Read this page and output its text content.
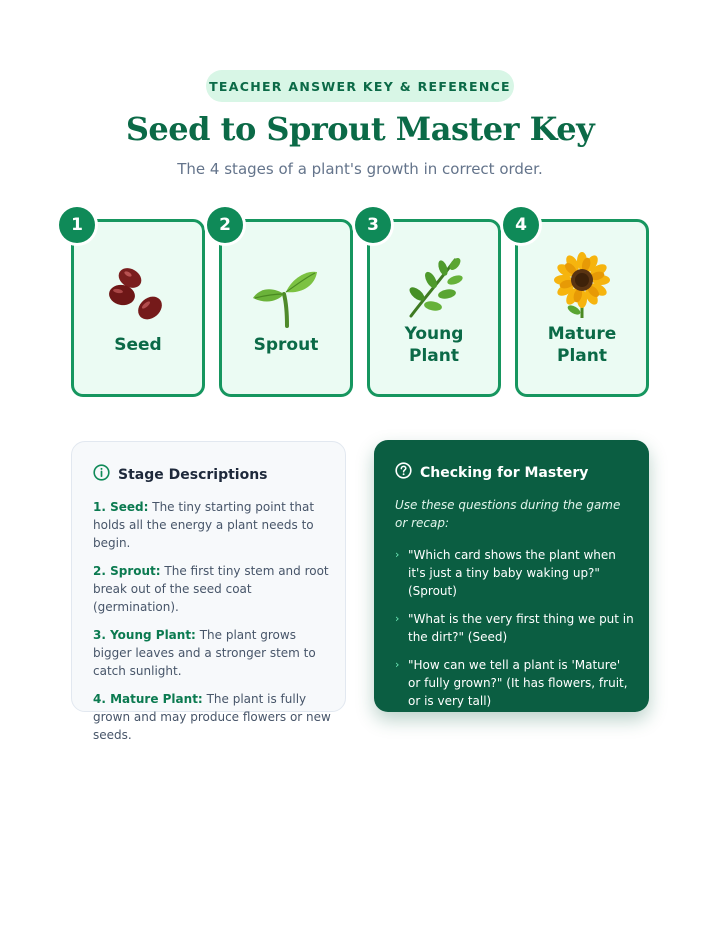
TEACHER ANSWER KEY & REFERENCE
Seed to Sprout Master Key

The 4 stages of a plant's growth in correct order.

Seed
1
Sprout
2
Young Plant
3
Mature Plant
4
Stage Descriptions

1. Seed: The tiny starting point that holds all the energy a plant needs to begin.

2. Sprout: The first tiny stem and root break out of the seed coat (germination).

3. Young Plant: The plant grows bigger leaves and a stronger stem to catch sunlight.

4. Mature Plant: The plant is fully grown and may produce flowers or new seeds.

Checking for Mastery

Use these questions during the game or recap:

› "Which card shows the plant when it's just a tiny baby waking up?" (Sprout)
› "What is the very first thing we put in the dirt?" (Seed)
› "How can we tell a plant is 'Mature' or fully grown?" (It has flowers, fruit, or is very tall)
